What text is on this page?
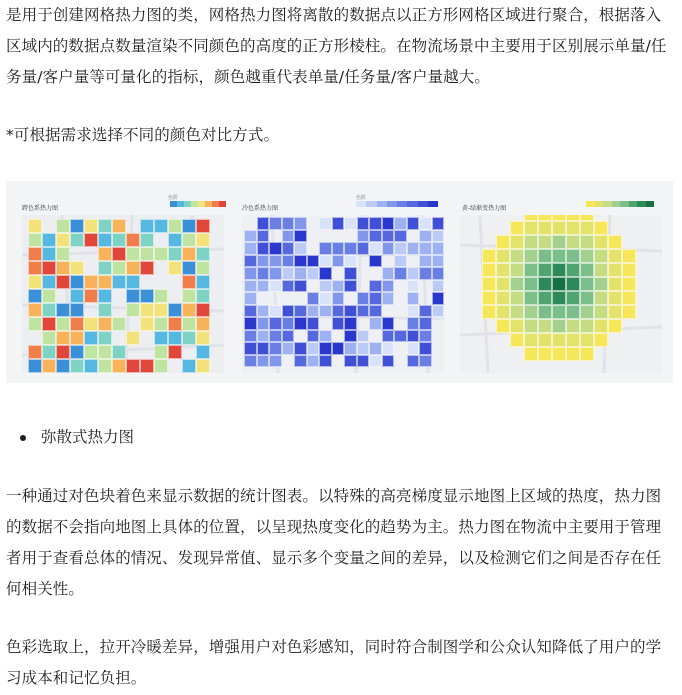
是用于创建网格热力图的类，网格热力图将离散的数据点以正方形网格区域进行聚合，根据落入区域内的数据点数量渲染不同颜色的高度的正方形棱柱。在物流场景中主要用于区别展示单量/任务量/客户量等可量化的指标，颜色越重代表单量/任务量/客户量越大。

*可根据需求选择不同的颜色对比方式。

跨色系热力图
色阶
冷色系热力图
色阶
黄-绿渐变热力图
弥散式热力图

一种通过对色块着色来显示数据的统计图表。以特殊的高亮梯度显示地图上区域的热度，热力图的数据不会指向地图上具体的位置，以呈现热度变化的趋势为主。热力图在物流中主要用于管理者用于查看总体的情况、发现异常值、显示多个变量之间的差异，以及检测它们之间是否存在任何相关性。

色彩选取上，拉开冷暖差异，增强用户对色彩感知，同时符合制图学和公众认知降低了用户的学习成本和记忆负担。
